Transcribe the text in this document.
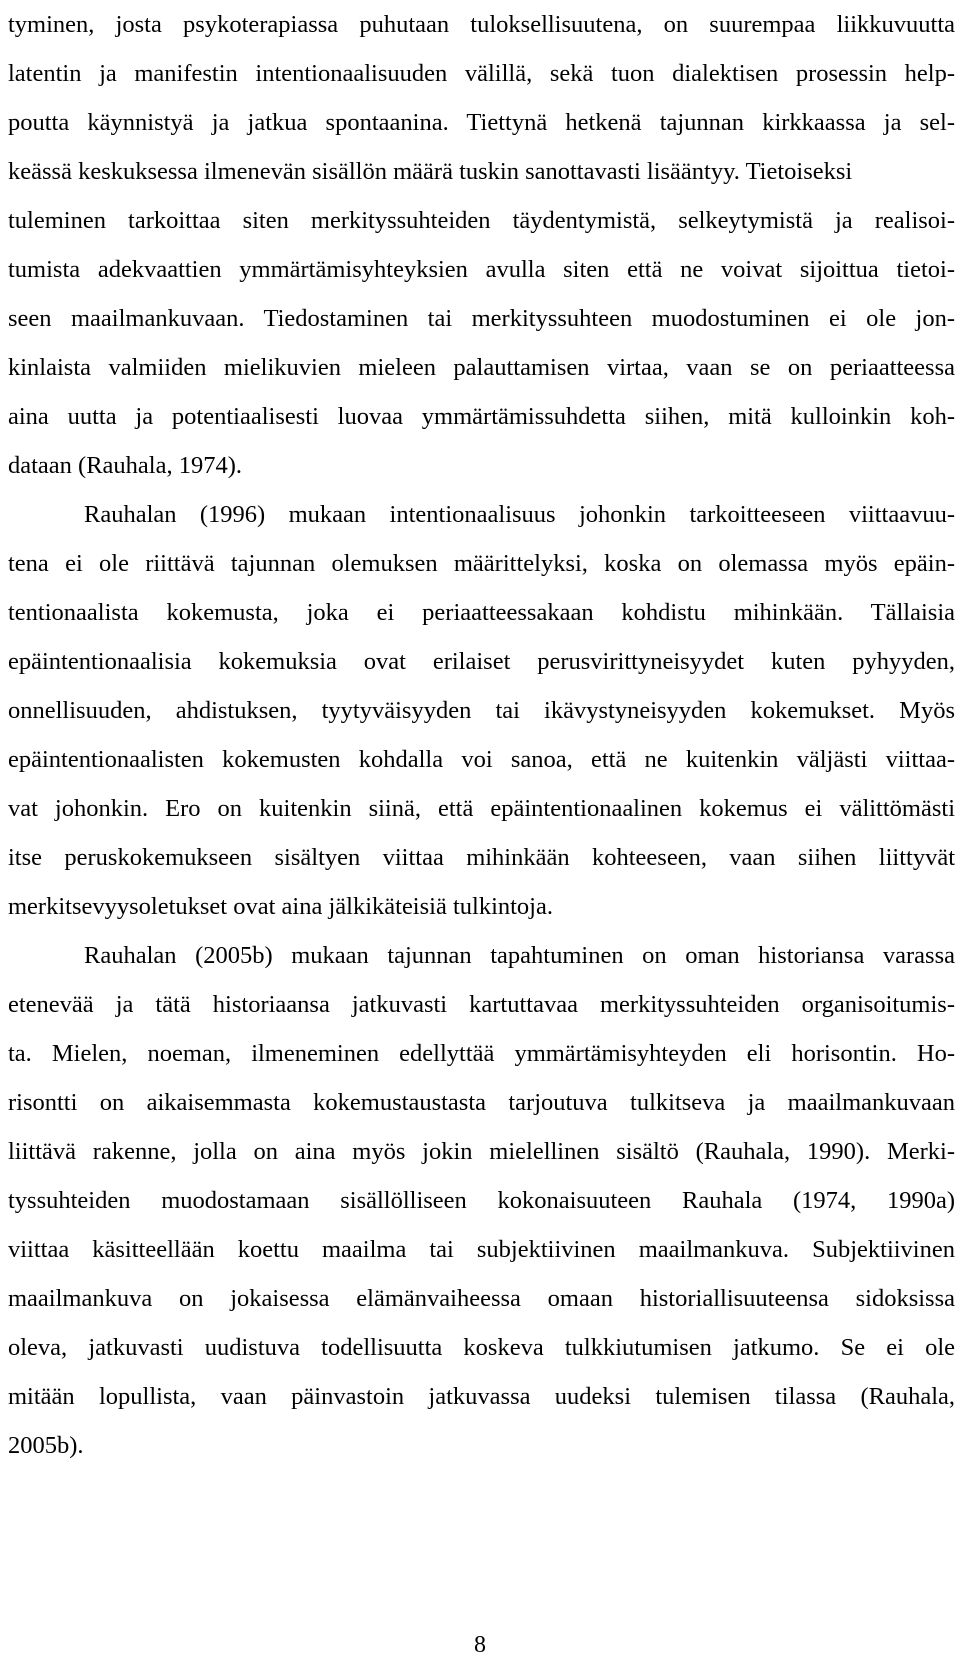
tyminen, josta psykoterapiassa puhutaan tuloksellisuutena, on suurempaa liikkuvuutta
latentin ja manifestin intentionaalisuuden välillä, sekä tuon dialektisen prosessin help-
poutta käynnistyä ja jatkua spontaanina. Tiettynä hetkenä tajunnan kirkkaassa ja sel-
keässä keskuksessa ilmenevän sisällön määrä tuskin sanottavasti lisääntyy. Tietoiseksi
tuleminen tarkoittaa siten merkityssuhteiden täydentymistä, selkeytymistä ja realisoi-
tumista adekvaattien ymmärtämisyhteyksien avulla siten että ne voivat sijoittua tietoi-
seen maailmankuvaan. Tiedostaminen tai merkityssuhteen muodostuminen ei ole jon-
kinlaista valmiiden mielikuvien mieleen palauttamisen virtaa, vaan se on periaatteessa
aina uutta ja potentiaalisesti luovaa ymmärtämissuhdetta siihen, mitä kulloinkin koh-
dataan (Rauhala, 1974).
Rauhalan (1996) mukaan intentionaalisuus johonkin tarkoitteeseen viittaavuu-
tena ei ole riittävä tajunnan olemuksen määrittelyksi, koska on olemassa myös epäin-
tentionaalista kokemusta, joka ei periaatteessakaan kohdistu mihinkään. Tällaisia
epäintentionaalisia kokemuksia ovat erilaiset perusvirittyneisyydet kuten pyhyyden,
onnellisuuden, ahdistuksen, tyytyväisyyden tai ikävystyneisyyden kokemukset. Myös
epäintentionaalisten kokemusten kohdalla voi sanoa, että ne kuitenkin väljästi viittaa-
vat johonkin. Ero on kuitenkin siinä, että epäintentionaalinen kokemus ei välittömästi
itse peruskokemukseen sisältyen viittaa mihinkään kohteeseen, vaan siihen liittyvät
merkitsevyysoletukset ovat aina jälkikäteisiä tulkintoja.
Rauhalan (2005b) mukaan tajunnan tapahtuminen on oman historiansa varassa
etenevää ja tätä historiaansa jatkuvasti kartuttavaa merkityssuhteiden organisoitumis-
ta. Mielen, noeman, ilmeneminen edellyttää ymmärtämisyhteyden eli horisontin. Ho-
risontti on aikaisemmasta kokemustaustasta tarjoutuva tulkitseva ja maailmankuvaan
liittävä rakenne, jolla on aina myös jokin mielellinen sisältö (Rauhala, 1990). Merki-
tyssuhteiden muodostamaan sisällölliseen kokonaisuuteen Rauhala (1974, 1990a)
viittaa käsitteellään koettu maailma tai subjektiivinen maailmankuva. Subjektiivinen
maailmankuva on jokaisessa elämänvaiheessa omaan historiallisuuteensa sidoksissa
oleva, jatkuvasti uudistuva todellisuutta koskeva tulkkiutumisen jatkumo. Se ei ole
mitään lopullista, vaan päinvastoin jatkuvassa uudeksi tulemisen tilassa (Rauhala,
2005b).
8
